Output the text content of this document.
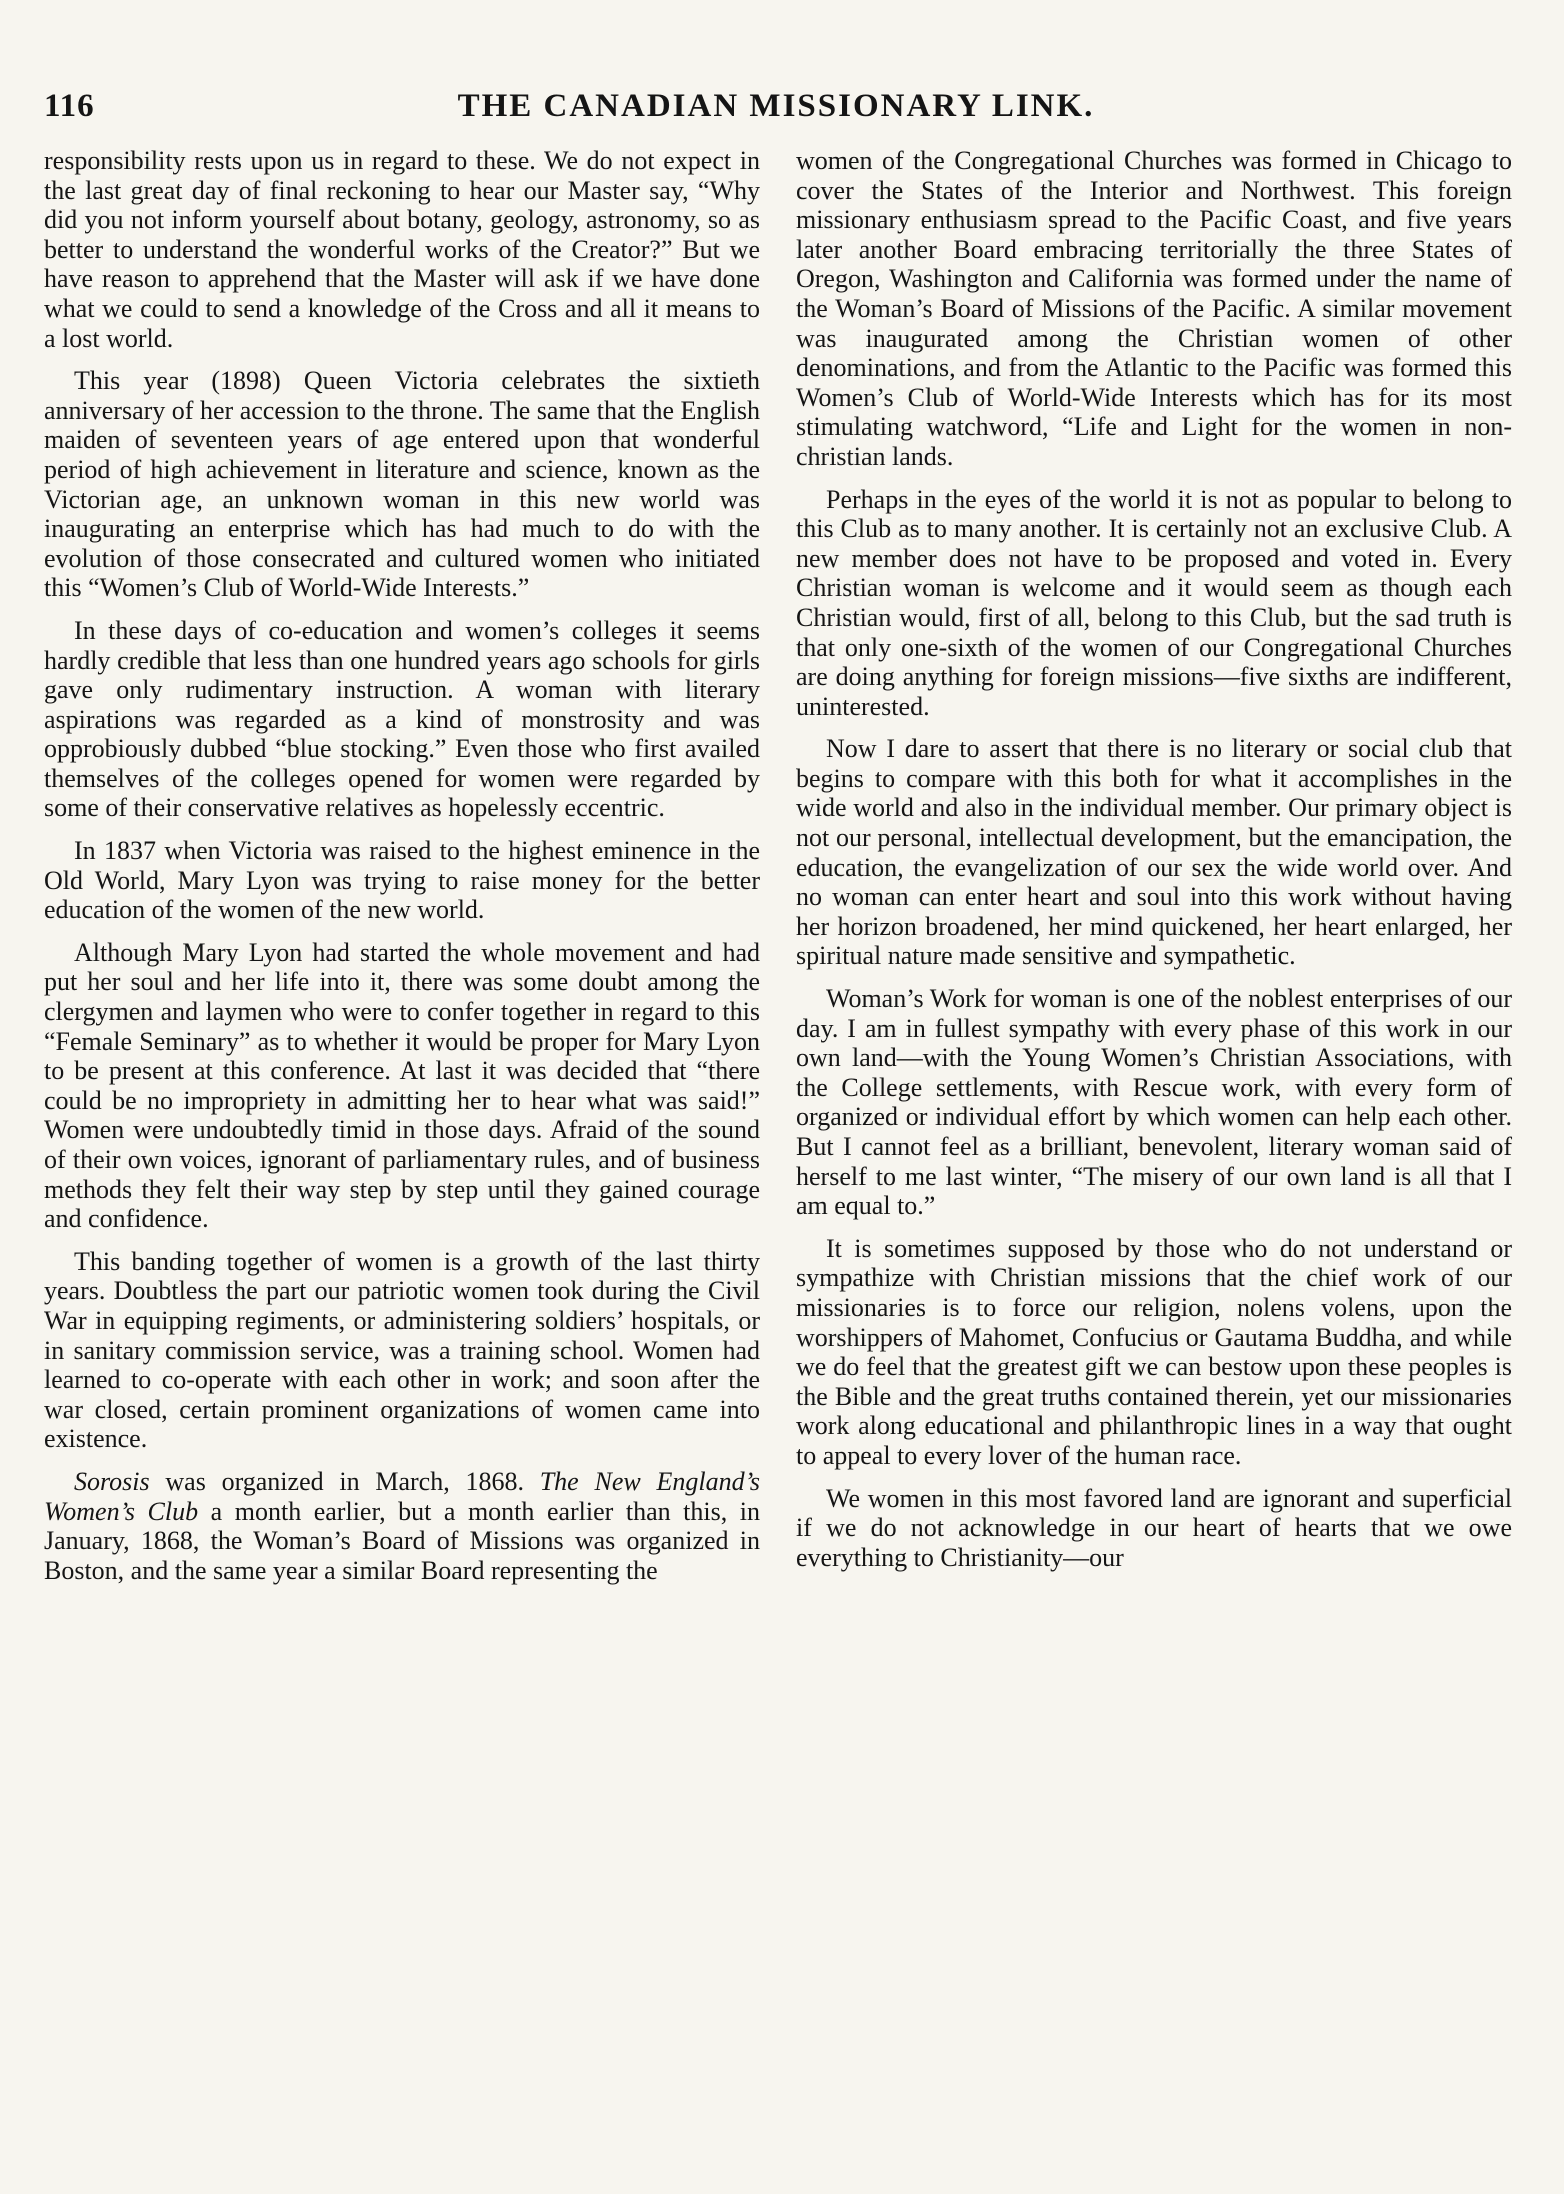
116	THE CANADIAN MISSIONARY LINK.

responsibility rests upon us in regard to these. We do not expect in the last great day of final reckoning to hear our Master say, “Why did you not inform yourself about botany, geology, astronomy, so as better to understand the wonderful works of the Creator?” But we have reason to apprehend that the Master will ask if we have done what we could to send a knowledge of the Cross and all it means to a lost world.

This year (1898) Queen Victoria celebrates the sixtieth anniversary of her accession to the throne. The same that the English maiden of seventeen years of age entered upon that wonderful period of high achievement in literature and science, known as the Victorian age, an unknown woman in this new world was inaugurating an enterprise which has had much to do with the evolution of those consecrated and cultured women who initiated this “Women’s Club of World-Wide Interests.”

In these days of co-education and women’s colleges it seems hardly credible that less than one hundred years ago schools for girls gave only rudimentary instruction. A woman with literary aspirations was regarded as a kind of monstrosity and was opprobiously dubbed “blue stocking.” Even those who first availed themselves of the colleges opened for women were regarded by some of their conservative relatives as hopelessly eccentric.

In 1837 when Victoria was raised to the highest eminence in the Old World, Mary Lyon was trying to raise money for the better education of the women of the new world.

Although Mary Lyon had started the whole movement and had put her soul and her life into it, there was some doubt among the clergymen and laymen who were to confer together in regard to this “Female Seminary” as to whether it would be proper for Mary Lyon to be present at this conference. At last it was decided that “there could be no impropriety in admitting her to hear what was said!” Women were undoubtedly timid in those days. Afraid of the sound of their own voices, ignorant of parliamentary rules, and of business methods they felt their way step by step until they gained courage and confidence.

This banding together of women is a growth of the last thirty years. Doubtless the part our patriotic women took during the Civil War in equipping regiments, or administering soldiers’ hospitals, or in sanitary commission service, was a training school. Women had learned to co-operate with each other in work; and soon after the war closed, certain prominent organizations of women came into existence.

Sorosis was organized in March, 1868. The New England’s Women’s Club a month earlier, but a month earlier than this, in January, 1868, the Woman’s Board of Missions was organized in Boston, and the same year a similar Board representing the

women of the Congregational Churches was formed in Chicago to cover the States of the Interior and Northwest. This foreign missionary enthusiasm spread to the Pacific Coast, and five years later another Board embracing territorially the three States of Oregon, Washington and California was formed under the name of the Woman’s Board of Missions of the Pacific. A similar movement was inaugurated among the Christian women of other denominations, and from the Atlantic to the Pacific was formed this Women’s Club of World-Wide Interests which has for its most stimulating watchword, “Life and Light for the women in non-christian lands.

Perhaps in the eyes of the world it is not as popular to belong to this Club as to many another. It is certainly not an exclusive Club. A new member does not have to be proposed and voted in. Every Christian woman is welcome and it would seem as though each Christian would, first of all, belong to this Club, but the sad truth is that only one-sixth of the women of our Congregational Churches are doing anything for foreign missions—five sixths are indifferent, uninterested.

Now I dare to assert that there is no literary or social club that begins to compare with this both for what it accomplishes in the wide world and also in the individual member. Our primary object is not our personal, intellectual development, but the emancipation, the education, the evangelization of our sex the wide world over. And no woman can enter heart and soul into this work without having her horizon broadened, her mind quickened, her heart enlarged, her spiritual nature made sensitive and sympathetic.

Woman’s Work for woman is one of the noblest enterprises of our day. I am in fullest sympathy with every phase of this work in our own land—with the Young Women’s Christian Associations, with the College settlements, with Rescue work, with every form of organized or individual effort by which women can help each other. But I cannot feel as a brilliant, benevolent, literary woman said of herself to me last winter, “The misery of our own land is all that I am equal to.”

It is sometimes supposed by those who do not understand or sympathize with Christian missions that the chief work of our missionaries is to force our religion, nolens volens, upon the worshippers of Mahomet, Confucius or Gautama Buddha, and while we do feel that the greatest gift we can bestow upon these peoples is the Bible and the great truths contained therein, yet our missionaries work along educational and philanthropic lines in a way that ought to appeal to every lover of the human race.

We women in this most favored land are ignorant and superficial if we do not acknowledge in our heart of hearts that we owe everything to Christianity—our
